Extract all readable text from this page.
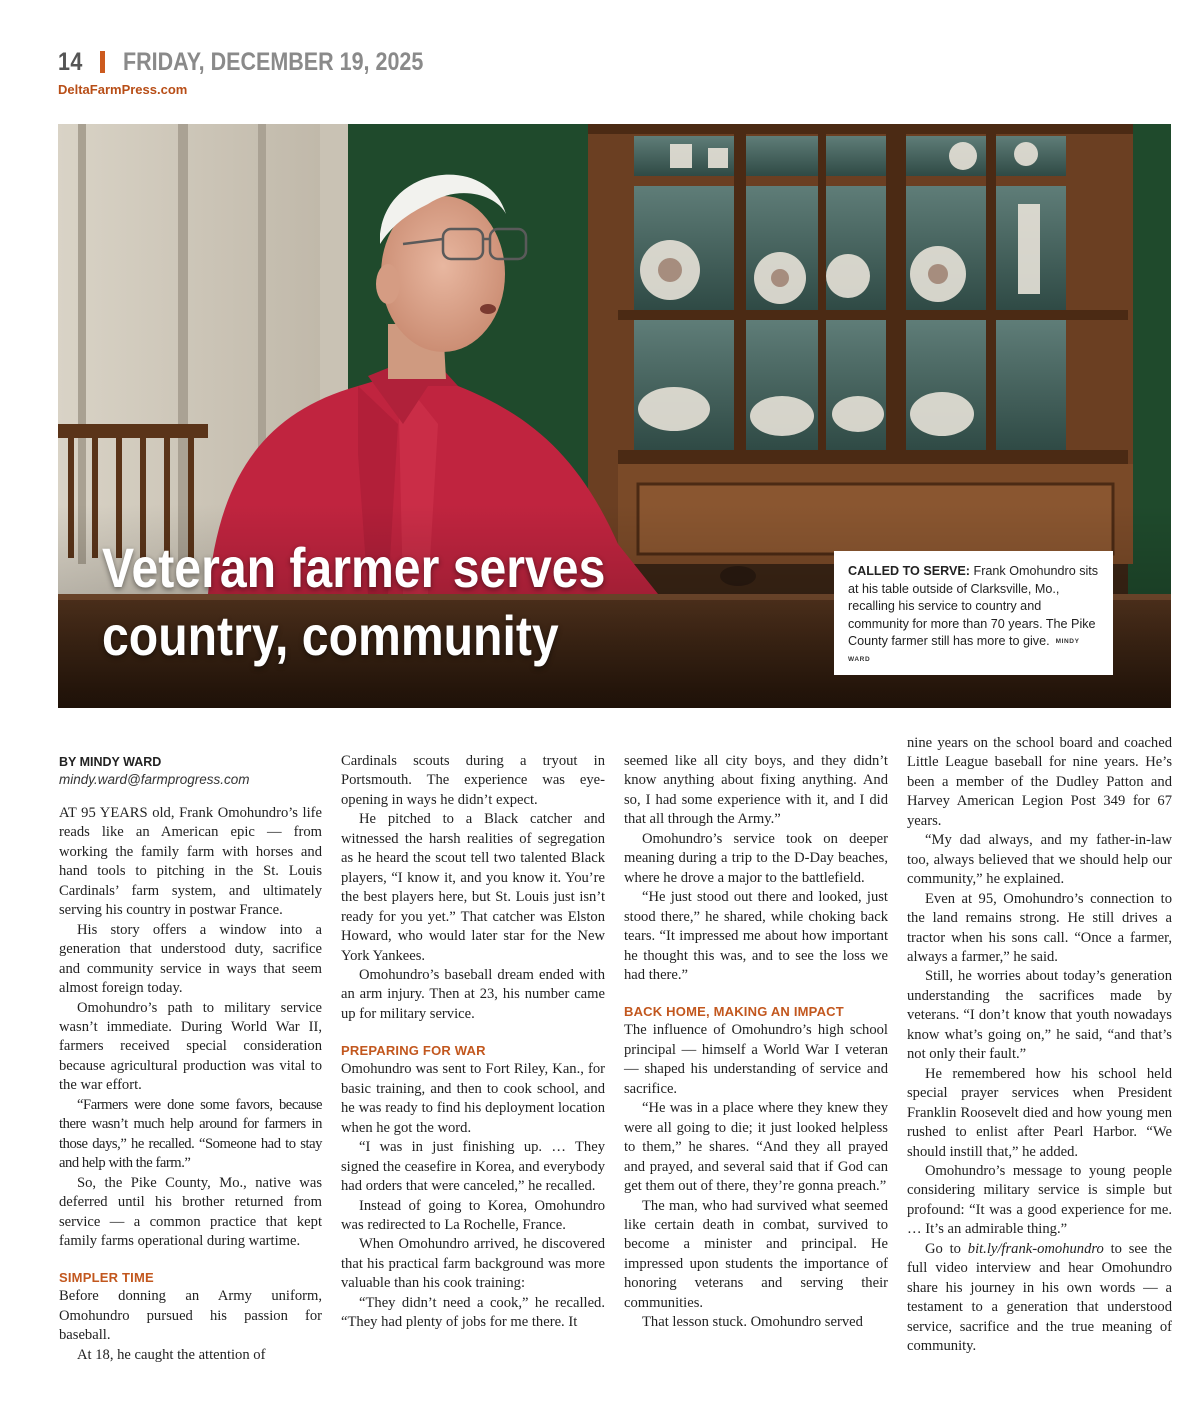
14 FRIDAY, DECEMBER 19, 2025
DeltaFarmPress.com
Veteran farmer serves
country, community
CALLED TO SERVE: Frank Omohundro sits at his table outside of Clarksville, Mo., recalling his service to country and community for more than 70 years. The Pike County farmer still has more to give. MINDY WARD
BY MINDY WARD
mindy.ward@farmprogress.com

AT 95 YEARS old, Frank Omohundro’s life reads like an American epic — from working the family farm with horses and hand tools to pitching in the St. Louis Cardinals’ farm system, and ultimately serving his country in postwar France.

His story offers a window into a generation that understood duty, sacrifice and community service in ways that seem almost foreign today.

Omohundro’s path to military service wasn’t immediate. During World War II, farmers received special consideration because agricultural production was vital to the war effort.

“Farmers were done some favors, because there wasn’t much help around for farmers in those days,” he recalled. “Someone had to stay and help with the farm.”

So, the Pike County, Mo., native was deferred until his brother returned from service — a common practice that kept family farms operational during wartime.

SIMPLER TIME

Before donning an Army uniform, Omohundro pursued his passion for baseball.

At 18, he caught the attention of

Cardinals scouts during a tryout in Portsmouth. The experience was eye-opening in ways he didn’t expect.

He pitched to a Black catcher and witnessed the harsh realities of segregation as he heard the scout tell two talented Black players, “I know it, and you know it. You’re the best players here, but St. Louis just isn’t ready for you yet.” That catcher was Elston Howard, who would later star for the New York Yankees.

Omohundro’s baseball dream ended with an arm injury. Then at 23, his number came up for military service.

PREPARING FOR WAR

Omohundro was sent to Fort Riley, Kan., for basic training, and then to cook school, and he was ready to find his deployment location when he got the word.

“I was in just finishing up. … They signed the ceasefire in Korea, and everybody had orders that were canceled,” he recalled.

Instead of going to Korea, Omohundro was redirected to La Rochelle, France.

When Omohundro arrived, he discovered that his practical farm background was more valuable than his cook training:

“They didn’t need a cook,” he recalled. “They had plenty of jobs for me there. It

seemed like all city boys, and they didn’t know anything about fixing anything. And so, I had some experience with it, and I did that all through the Army.”

Omohundro’s service took on deeper meaning during a trip to the D-Day beaches, where he drove a major to the battlefield.

“He just stood out there and looked, just stood there,” he shared, while choking back tears. “It impressed me about how important he thought this was, and to see the loss we had there.”

BACK HOME, MAKING AN IMPACT

The influence of Omohundro’s high school principal — himself a World War I veteran — shaped his understanding of service and sacrifice.

“He was in a place where they knew they were all going to die; it just looked helpless to them,” he shares. “And they all prayed and prayed, and several said that if God can get them out of there, they’re gonna preach.”

The man, who had survived what seemed like certain death in combat, survived to become a minister and principal. He impressed upon students the importance of honoring veterans and serving their communities.

That lesson stuck. Omohundro served

nine years on the school board and coached Little League baseball for nine years. He’s been a member of the Dudley Patton and Harvey American Legion Post 349 for 67 years.

“My dad always, and my father-in-law too, always believed that we should help our community,” he explained.

Even at 95, Omohundro’s connection to the land remains strong. He still drives a tractor when his sons call. “Once a farmer, always a farmer,” he said.

Still, he worries about today’s generation understanding the sacrifices made by veterans. “I don’t know that youth nowadays know what’s going on,” he said, “and that’s not only their fault.”

He remembered how his school held special prayer services when President Franklin Roosevelt died and how young men rushed to enlist after Pearl Harbor. “We should instill that,” he added.

Omohundro’s message to young people considering military service is simple but profound: “It was a good experience for me. … It’s an admirable thing.”

Go to bit.ly/frank-omohundro to see the full video interview and hear Omohundro share his journey in his own words — a testament to a generation that understood service, sacrifice and the true meaning of community.
